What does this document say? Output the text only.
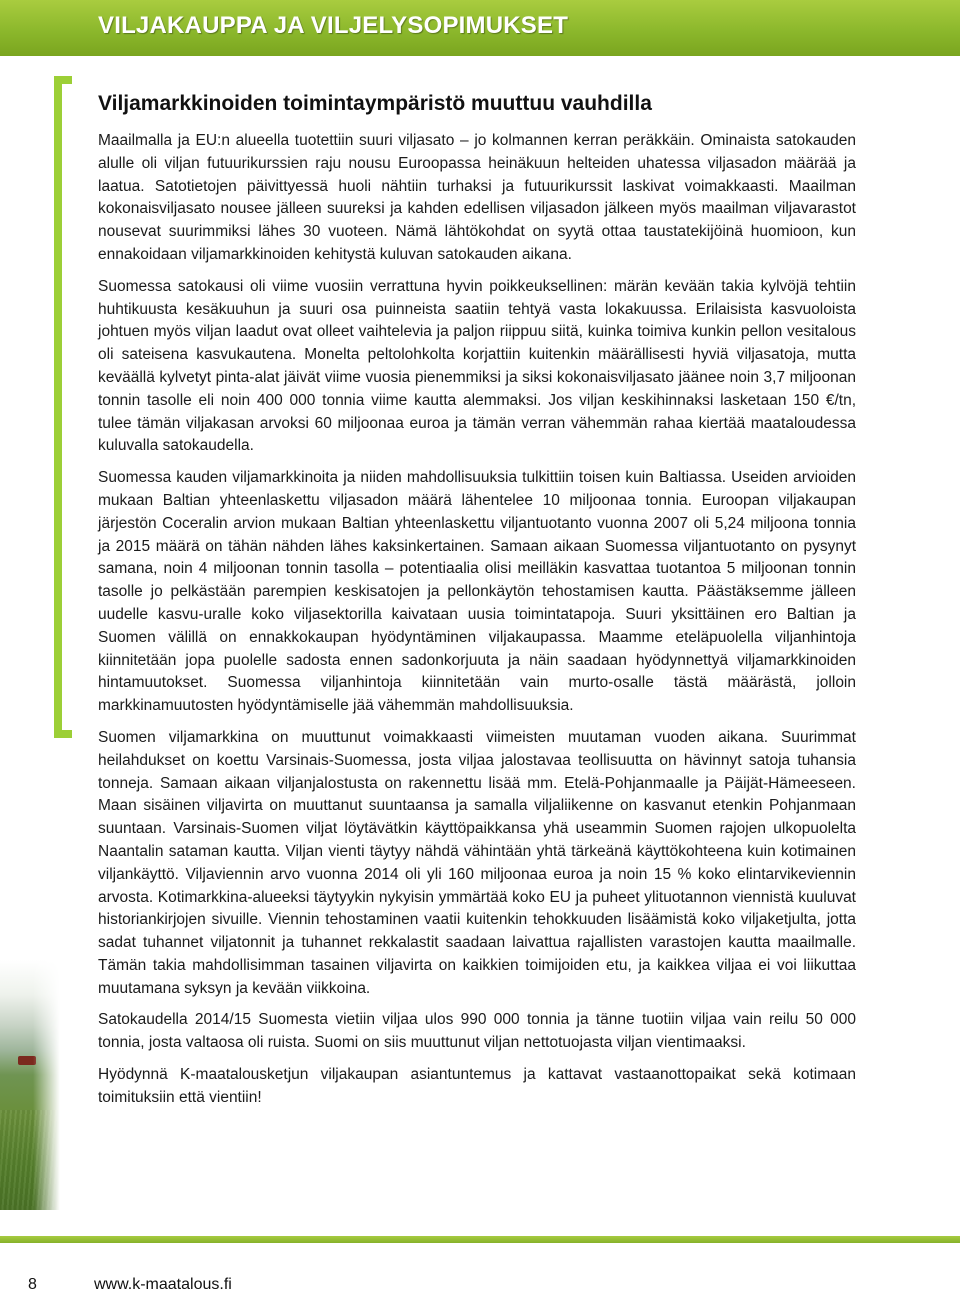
VILJAKAUPPA JA VILJELYSOPIMUKSET
Viljamarkkinoiden toimintaympäristö muuttuu vauhdilla

Maailmalla ja EU:n alueella tuotettiin suuri viljasato – jo kolmannen kerran peräkkäin. Ominaista satokauden alulle oli viljan futuurikurssien raju nousu Euroopassa heinäkuun helteiden uhatessa viljasadon määrää ja laatua. Satotietojen päivittyessä huoli nähtiin turhaksi ja futuurikurssit laskivat voimakkaasti. Maailman kokonaisviljasato nousee jälleen suureksi ja kahden edellisen viljasadon jälkeen myös maailman viljavarastot nousevat suurimmiksi lähes 30 vuoteen. Nämä lähtökohdat on syytä ottaa taustatekijöinä huomioon, kun ennakoidaan viljamarkkinoiden kehitystä kuluvan satokauden aikana.

Suomessa satokausi oli viime vuosiin verrattuna hyvin poikkeuksellinen: märän kevään takia kylvöjä tehtiin huhtikuusta kesäkuuhun ja suuri osa puinneista saatiin tehtyä vasta lokakuussa. Erilaisista kasvuoloista johtuen myös viljan laadut ovat olleet vaihtelevia ja paljon riippuu siitä, kuinka toimiva kunkin pellon vesitalous oli sateisena kasvukautena. Monelta peltolohkolta korjattiin kuitenkin määrällisesti hyviä viljasatoja, mutta keväällä kylvetyt pinta-alat jäivät viime vuosia pienemmiksi ja siksi kokonaisviljasato jäänee noin 3,7 miljoonan tonnin tasolle eli noin 400 000 tonnia viime kautta alemmaksi. Jos viljan keskihinnaksi lasketaan 150 €/tn, tulee tämän viljakasan arvoksi 60 miljoonaa euroa ja tämän verran vähemmän rahaa kiertää maataloudessa kuluvalla satokaudella.

Suomessa kauden viljamarkkinoita ja niiden mahdollisuuksia tulkittiin toisen kuin Baltiassa. Useiden arvioiden mukaan Baltian yhteenlaskettu viljasadon määrä lähentelee 10 miljoonaa tonnia. Euroopan viljakaupan järjestön Coceralin arvion mukaan Baltian yhteenlaskettu viljantuotanto vuonna 2007 oli 5,24 miljoona tonnia ja 2015 määrä on tähän nähden lähes kaksinkertainen. Samaan aikaan Suomessa viljantuotanto on pysynyt samana, noin 4 miljoonan tonnin tasolla – potentiaalia olisi meilläkin kasvattaa tuotantoa 5 miljoonan tonnin tasolle jo pelkästään parempien keskisatojen ja pellonkäytön tehostamisen kautta. Päästäksemme jälleen uudelle kasvu-uralle koko viljasektorilla kaivataan uusia toimintatapoja. Suuri yksittäinen ero Baltian ja Suomen välillä on ennakkokaupan hyödyntäminen viljakaupassa. Maamme eteläpuolella viljanhintoja kiinnitetään jopa puolelle sadosta ennen sadonkorjuuta ja näin saadaan hyödynnettyä viljamarkkinoiden hintamuutokset. Suomessa viljanhintoja kiinnitetään vain murto-osalle tästä määrästä, jolloin markkinamuutosten hyödyntämiselle jää vähemmän mahdollisuuksia.

Suomen viljamarkkina on muuttunut voimakkaasti viimeisten muutaman vuoden aikana. Suurimmat heilahdukset on koettu Varsinais-Suomessa, josta viljaa jalostavaa teollisuutta on hävinnyt satoja tuhansia tonneja. Samaan aikaan viljanjalostusta on rakennettu lisää mm. Etelä-Pohjanmaalle ja Päijät-Hämeeseen. Maan sisäinen viljavirta on muuttanut suuntaansa ja samalla viljaliikenne on kasvanut etenkin Pohjanmaan suuntaan. Varsinais-Suomen viljat löytävätkin käyttöpaikkansa yhä useammin Suomen rajojen ulkopuolelta Naantalin sataman kautta. Viljan vienti täytyy nähdä vähintään yhtä tärkeänä käyttökohteena kuin kotimainen viljankäyttö. Viljaviennin arvo vuonna 2014 oli yli 160 miljoonaa euroa ja noin 15 % koko elintarvikeviennin arvosta. Kotimarkkina-alueeksi täytyykin nykyisin ymmärtää koko EU ja puheet ylituotannon viennistä kuuluvat historiankirjojen sivuille. Viennin tehostaminen vaatii kuitenkin tehokkuuden lisäämistä koko viljaketjulta, jotta sadat tuhannet viljatonnit ja tuhannet rekkalastit saadaan laivattua rajallisten varastojen kautta maailmalle. Tämän takia mahdollisimman tasainen viljavirta on kaikkien toimijoiden etu, ja kaikkea viljaa ei voi liikuttaa muutamana syksyn ja kevään viikkoina.

Satokaudella 2014/15 Suomesta vietiin viljaa ulos 990 000 tonnia ja tänne tuotiin viljaa vain reilu 50 000 tonnia, josta valtaosa oli ruista. Suomi on siis muuttunut viljan nettotuojasta viljan vientimaaksi.

Hyödynnä K-maatalousketjun viljakaupan asiantuntemus ja kattavat vastaanottopaikat sekä kotimaan toimituksiin että vientiin!

8	www.k-maatalous.fi
